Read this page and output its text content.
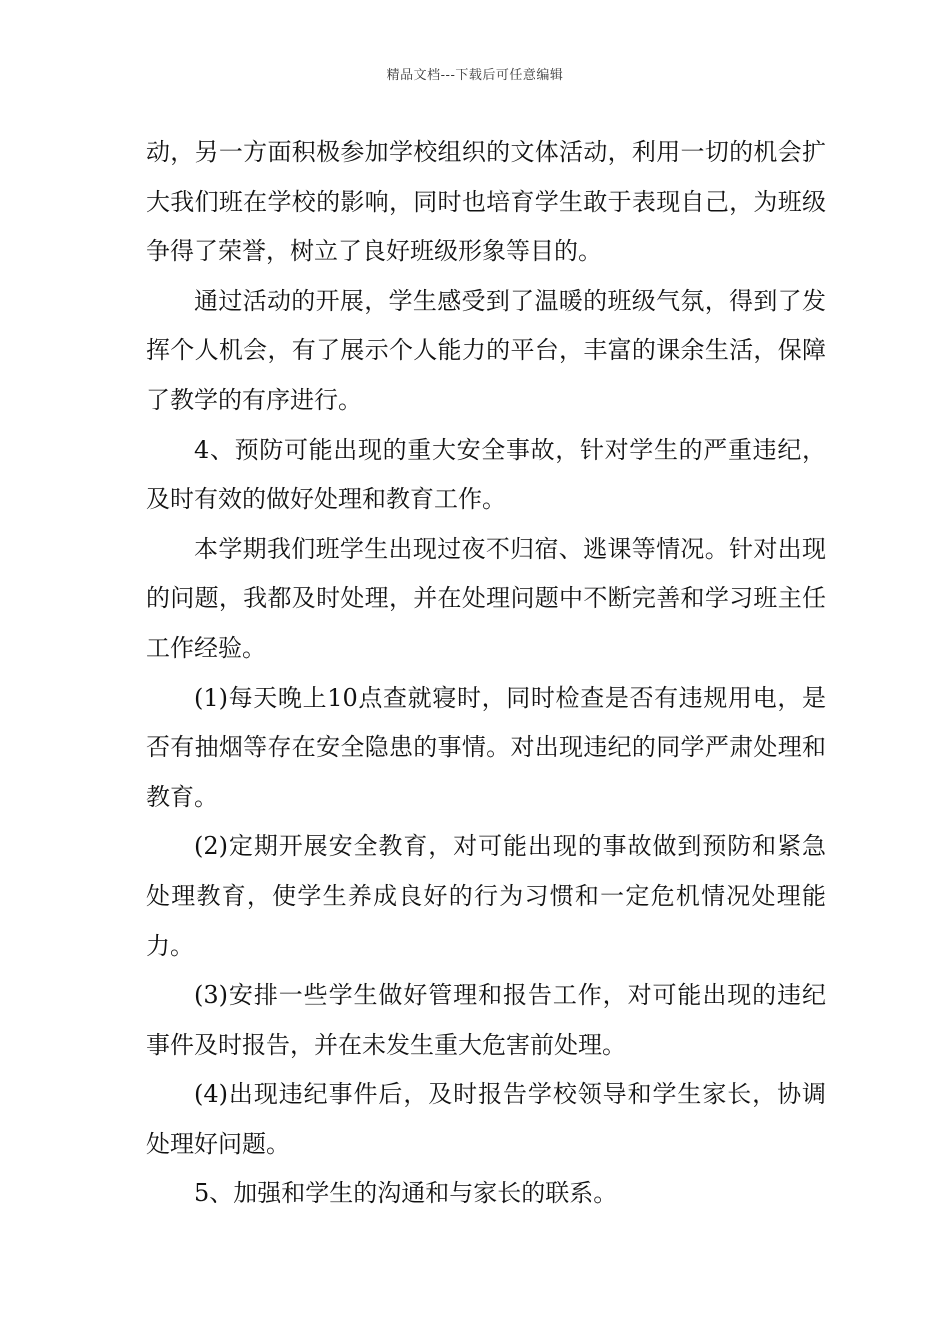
精品文档---下载后可任意编辑

动，另一方面积极参加学校组织的文体活动，利用一切的机会扩大我们班在学校的影响，同时也培育学生敢于表现自己，为班级争得了荣誉，树立了良好班级形象等目的。

通过活动的开展，学生感受到了温暖的班级气氛，得到了发挥个人机会，有了展示个人能力的平台，丰富的课余生活，保障了教学的有序进行。

4、预防可能出现的重大安全事故，针对学生的严重违纪，及时有效的做好处理和教育工作。

本学期我们班学生出现过夜不归宿、逃课等情况。针对出现的问题，我都及时处理，并在处理问题中不断完善和学习班主任工作经验。

(1)每天晚上10点查就寝时，同时检查是否有违规用电，是否有抽烟等存在安全隐患的事情。对出现违纪的同学严肃处理和教育。

(2)定期开展安全教育，对可能出现的事故做到预防和紧急处理教育，使学生养成良好的行为习惯和一定危机情况处理能力。

(3)安排一些学生做好管理和报告工作，对可能出现的违纪事件及时报告，并在未发生重大危害前处理。

(4)出现违纪事件后，及时报告学校领导和学生家长，协调处理好问题。

5、加强和学生的沟通和与家长的联系。
